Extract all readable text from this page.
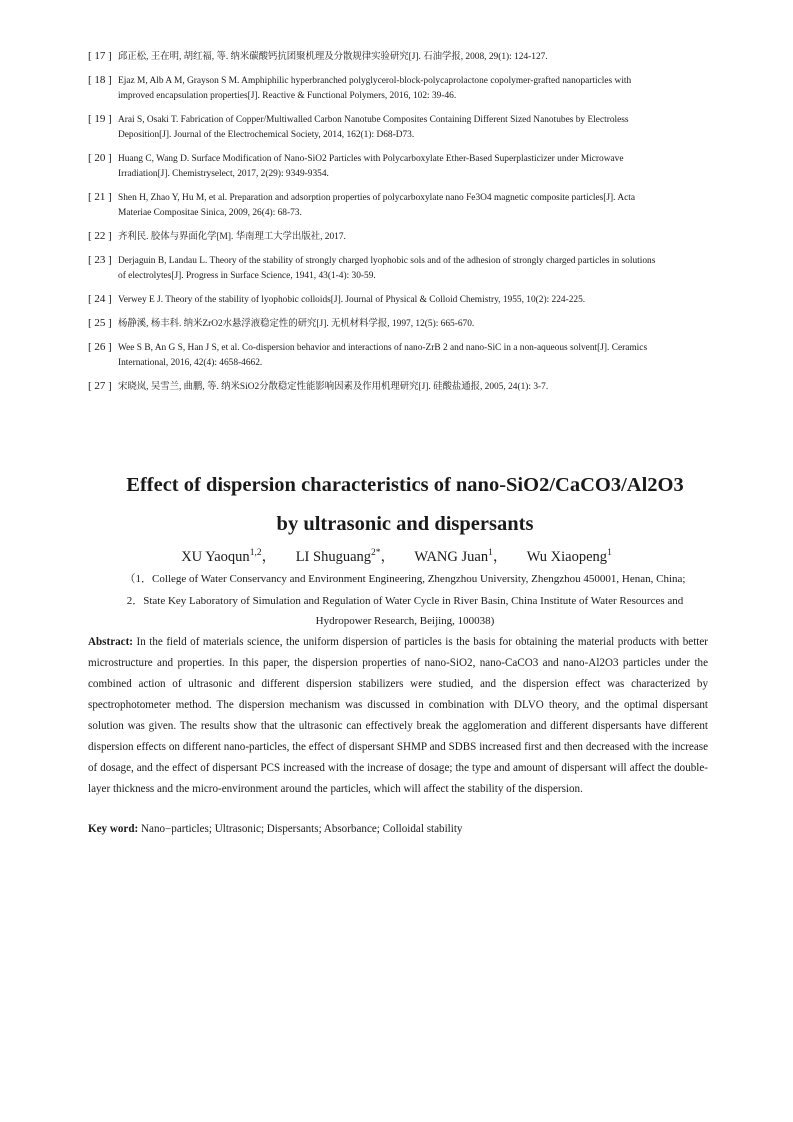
[ 17 ] 邱正松, 王在明, 胡红福, 等. 纳米碳酸钙抗团聚机理及分散规律实验研究[J]. 石油学报, 2008, 29(1): 124-127.
[ 18 ] Ejaz M, Alb A M, Grayson S M. Amphiphilic hyperbranched polyglycerol-block-polycaprolactone copolymer-grafted nanoparticles with
improved encapsulation properties[J]. Reactive & Functional Polymers, 2016, 102: 39-46.
[ 19 ] Arai S, Osaki T. Fabrication of Copper/Multiwalled Carbon Nanotube Composites Containing Different Sized Nanotubes by Electroless
Deposition[J]. Journal of the Electrochemical Society, 2014, 162(1): D68-D73.
[ 20 ] Huang C, Wang D. Surface Modification of Nano-SiO2 Particles with Polycarboxylate Ether-Based Superplasticizer under Microwave
Irradiation[J]. Chemistryselect, 2017, 2(29): 9349-9354.
[ 21 ] Shen H, Zhao Y, Hu M, et al. Preparation and adsorption properties of polycarboxylate nano Fe3O4 magnetic composite particles[J]. Acta
Materiae Compositae Sinica, 2009, 26(4): 68-73.
[ 22 ] 齐利民. 胶体与界面化学[M]. 华南理工大学出版社, 2017.
[ 23 ] Derjaguin B, Landau L. Theory of the stability of strongly charged lyophobic sols and of the adhesion of strongly charged particles in solutions
of electrolytes[J]. Progress in Surface Science, 1941, 43(1-4): 30-59.
[ 24 ] Verwey E J. Theory of the stability of lyophobic colloids[J]. Journal of Physical & Colloid Chemistry, 1955, 10(2): 224-225.
[ 25 ] 杨静溪, 杨丰科. 纳米ZrO2水悬浮液稳定性的研究[J]. 无机材料学报, 1997, 12(5): 665-670.
[ 26 ] Wee S B, An G S, Han J S, et al. Co-dispersion behavior and interactions of nano-ZrB 2 and nano-SiC in a non-aqueous solvent[J]. Ceramics
International, 2016, 42(4): 4658-4662.
[ 27 ] 宋晓岚, 吴雪兰, 曲鹏, 等. 纳米SiO2分散稳定性能影响因素及作用机理研究[J]. 硅酸盐通报, 2005, 24(1): 3-7.
Effect of dispersion characteristics of nano-SiO2/CaCO3/Al2O3
by ultrasonic and dispersants
XU Yaoqun$^{1,2}$， LI Shuguang$^{2*}$， WANG Juan$^1$， Wu Xiaopeng$^1$
（1．College of Water Conservancy and Environment Engineering, Zhengzhou University, Zhengzhou 450001, Henan, China;
2．State Key Laboratory of Simulation and Regulation of Water Cycle in River Basin, China Institute of Water Resources and
Hydropower Research, Beijing, 100038)
Abstract: In the field of materials science, the uniform dispersion of particles is the basis for obtaining the material products with better microstructure and properties. In this paper, the dispersion properties of nano-SiO2, nano-CaCO3 and nano-Al2O3 particles under the combined action of ultrasonic and different dispersion stabilizers were studied, and the dispersion effect was characterized by spectrophotometer method. The dispersion mechanism was discussed in combination with DLVO theory, and the optimal dispersant solution was given. The results show that the ultrasonic can effectively break the agglomeration and different dispersants have different dispersion effects on different nano-particles, the effect of dispersant SHMP and SDBS increased first and then decreased with the increase of dosage, and the effect of dispersant PCS increased with the increase of dosage; the type and amount of dispersant will affect the double-layer thickness and the micro-environment around the particles, which will affect the stability of the dispersion.
Key word: Nano−particles; Ultrasonic; Dispersants; Absorbance; Colloidal stability
